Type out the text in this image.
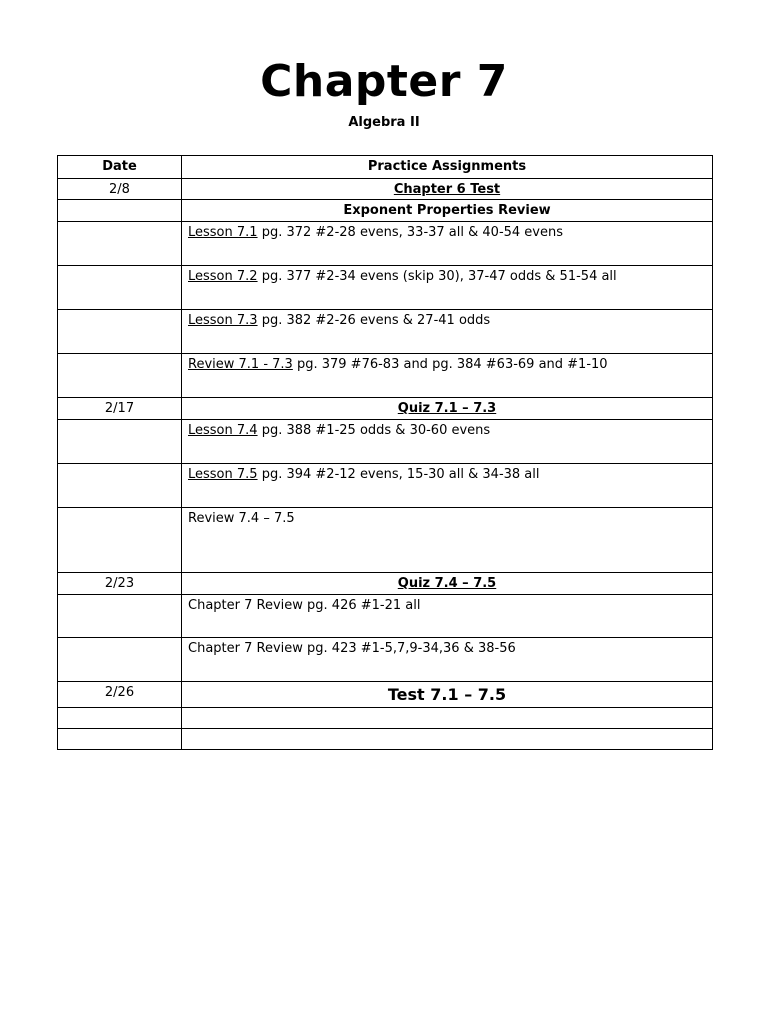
Chapter 7
Algebra II
Date	Practice Assignments
2/8	Chapter 6 Test
	Exponent Properties Review
	Lesson 7.1 pg. 372 #2-28 evens, 33-37 all & 40-54 evens
	Lesson 7.2 pg. 377 #2-34 evens (skip 30), 37-47 odds & 51-54 all
	Lesson 7.3 pg. 382 #2-26 evens & 27-41 odds
	Review 7.1 - 7.3 pg. 379 #76-83 and pg. 384 #63-69 and #1-10
2/17	Quiz 7.1 – 7.3
	Lesson 7.4 pg. 388 #1-25 odds & 30-60 evens
	Lesson 7.5 pg. 394 #2-12 evens, 15-30 all & 34-38 all
	Review 7.4 – 7.5
2/23	Quiz 7.4 – 7.5
	Chapter 7 Review pg. 426 #1-21 all
	Chapter 7 Review pg. 423 #1-5,7,9-34,36 & 38-56
2/26	Test 7.1 – 7.5
